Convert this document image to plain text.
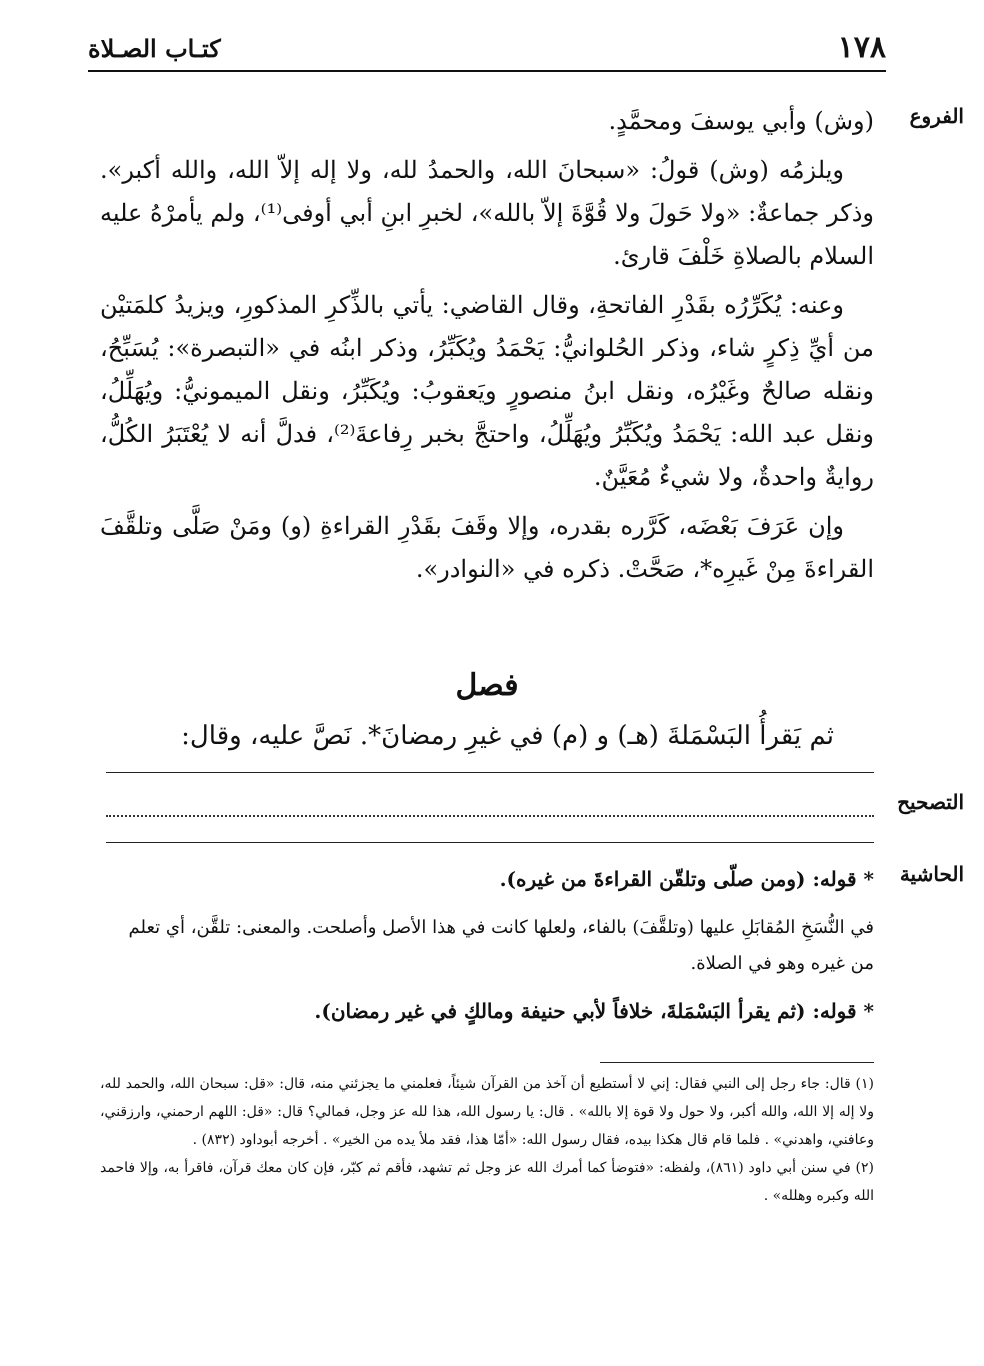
١٧٨
كتـاب الصـلاة
الفروع

(وش) وأبي يوسفَ ومحمَّدٍ.

ويلزمُه (وش) قولُ: «سبحانَ الله، والحمدُ لله، ولا إله إلاّ الله، والله أكبر». وذكر جماعةٌ: «ولا حَولَ ولا قُوَّةَ إلاّ بالله»، لخبرِ ابنِ أبي أوفى⁽¹⁾، ولم يأمرْهُ عليه السلام بالصلاةِ خَلْفَ قارئ.

وعنه: يُكَرِّرُه بقَدْرِ الفاتحةِ، وقال القاضي: يأتي بالذِّكرِ المذكورِ، ويزيدُ كلمَتيْن من أيِّ ذِكرٍ شاء، وذكر الحُلوانيُّ: يَحْمَدُ ويُكَبِّرُ، وذكر ابنُه في «التبصرة»: يُسَبِّحُ، ونقله صالحٌ وغَيْرُه، ونقل ابنُ منصورٍ ويَعقوبُ: ويُكَبِّرُ، ونقل الميمونيُّ: ويُهَلِّلُ، ونقل عبد الله: يَحْمَدُ ويُكَبِّرُ ويُهَلِّلُ، واحتجَّ بخبر رِفاعةَ⁽²⁾، فدلَّ أنه لا يُعْتَبَرُ الكُلُّ، روايةٌ واحدةٌ، ولا شيءٌ مُعَيَّنٌ.

وإن عَرَفَ بَعْضَه، كَرَّره بقدره، وإلا وقَفَ بقَدْرِ القراءةِ (و) ومَنْ صَلَّى وتلقَّفَ القراءةَ مِنْ غَيرِه*، صَحَّتْ. ذكره في «النوادر».

فصل
ثم يَقرأُ البَسْمَلةَ (هـ) و (م) في غيرِ رمضانَ*. نَصَّ عليه، وقال:
التصحيح
الحاشية
* قوله: (ومن صلّى وتلقّن القراءةَ من غيره).
في النُّسَخِ المُقابَلِ عليها (وتلقَّفَ) بالفاء، ولعلها كانت في هذا الأصل وأصلحت. والمعنى: تلقَّن، أي تعلم من غيره وهو في الصلاة.
* قوله: (ثم يقرأ البَسْمَلةَ، خلافاً لأبي حنيفة ومالكٍ في غير رمضان).
(١) قال: جاء رجل إلى النبي فقال: إني لا أستطيع أن آخذ من القرآن شيئاً، فعلمني ما يجزئني منه، قال: «قل: سبحان الله، والحمد لله، ولا إله إلا الله، والله أكبر، ولا حول ولا قوة إلا بالله» . قال: يا رسول الله، هذا لله عز وجل، فمالي؟ قال: «قل: اللهم ارحمني، وارزقني، وعافني، واهدني» . فلما قام قال هكذا بيده، فقال رسول الله: «أمّا هذا، فقد ملأ يده من الخير» . أخرجه أبوداود (٨٣٢) .
(٢) في سنن أبي داود (٨٦١)، ولفظه: «فتوضأ كما أمرك الله عز وجل ثم تشهد، فأقم ثم كبّر، فإن كان معك قرآن، فاقرأ به، وإلا فاحمد الله وكبره وهلله» .
